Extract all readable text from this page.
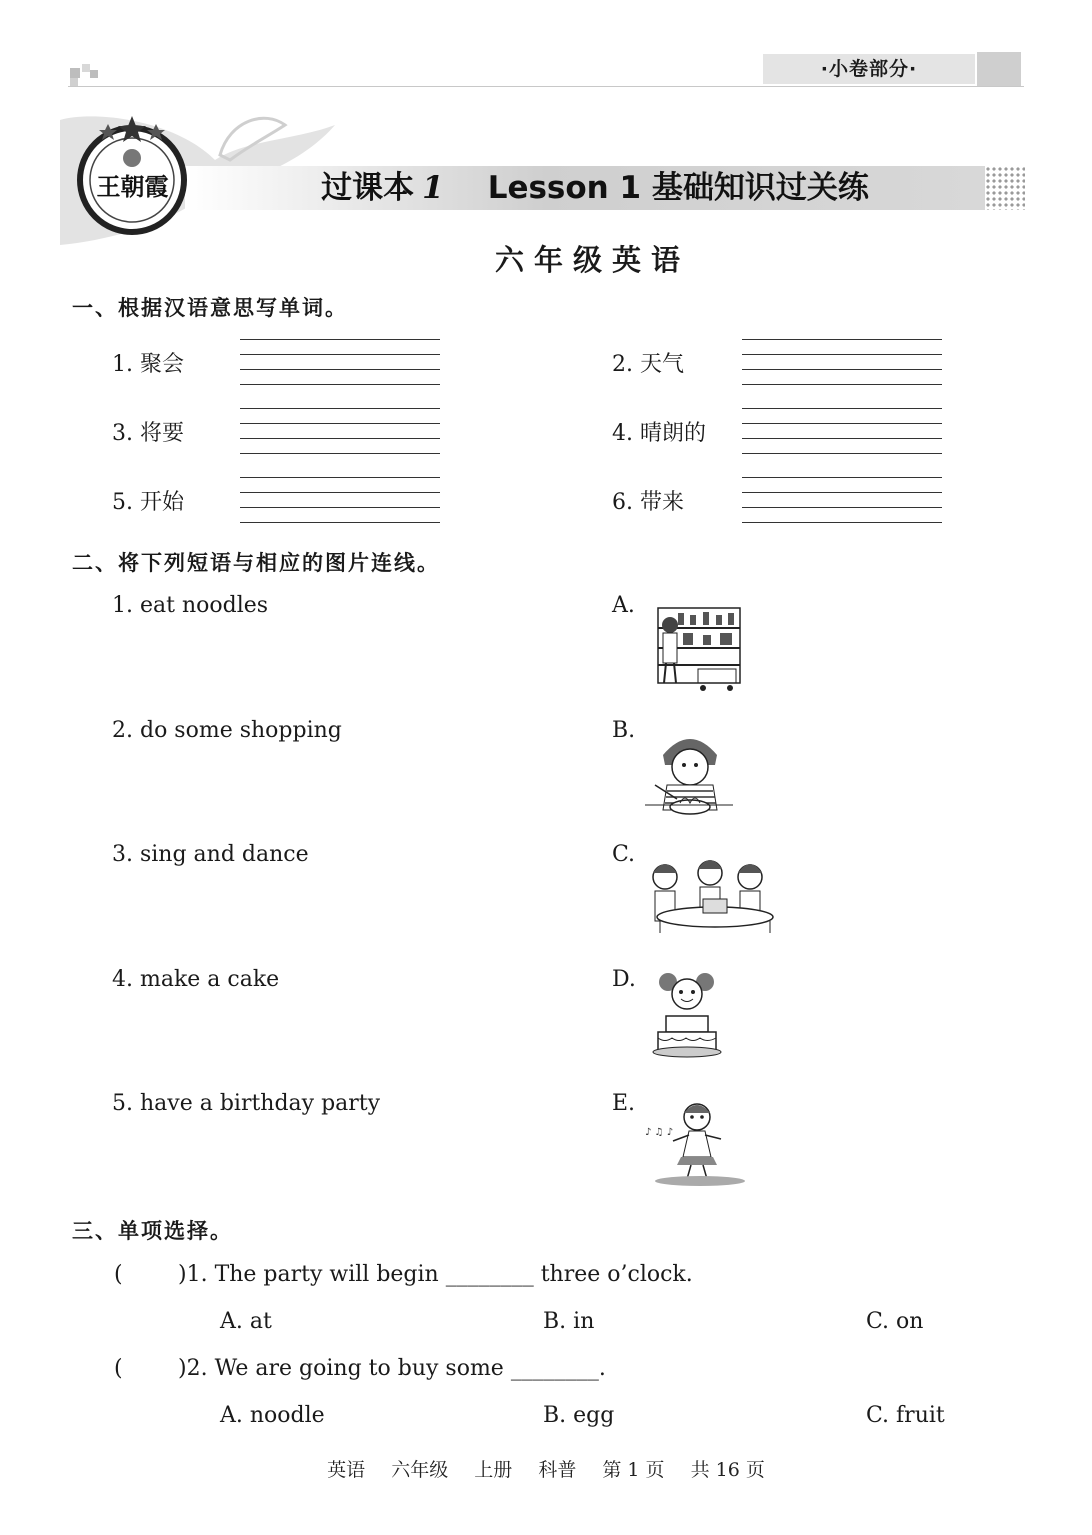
·小卷部分·
王朝霞	过课本 1 Lesson 1 基础知识过关练
六年级英语
一、根据汉语意思写单词。
1. 聚会	2. 天气
3. 将要	4. 晴朗的
5. 开始	6. 带来
二、将下列短语与相应的图片连线。
1. eat noodles
2. do some shopping
3. sing and dance
4. make a cake
5. have a birthday party
A.
B.
C.
D.
E.
♪ ♫ ♪
三、单项选择。
(	)1. The party will begin ________ three o’clock.
A. at	B. in	C. on
(	)2. We are going to buy some ________.
A. noodle	B. egg	C. fruit
英语 六年级 上册 科普 第 1 页 共 16 页
